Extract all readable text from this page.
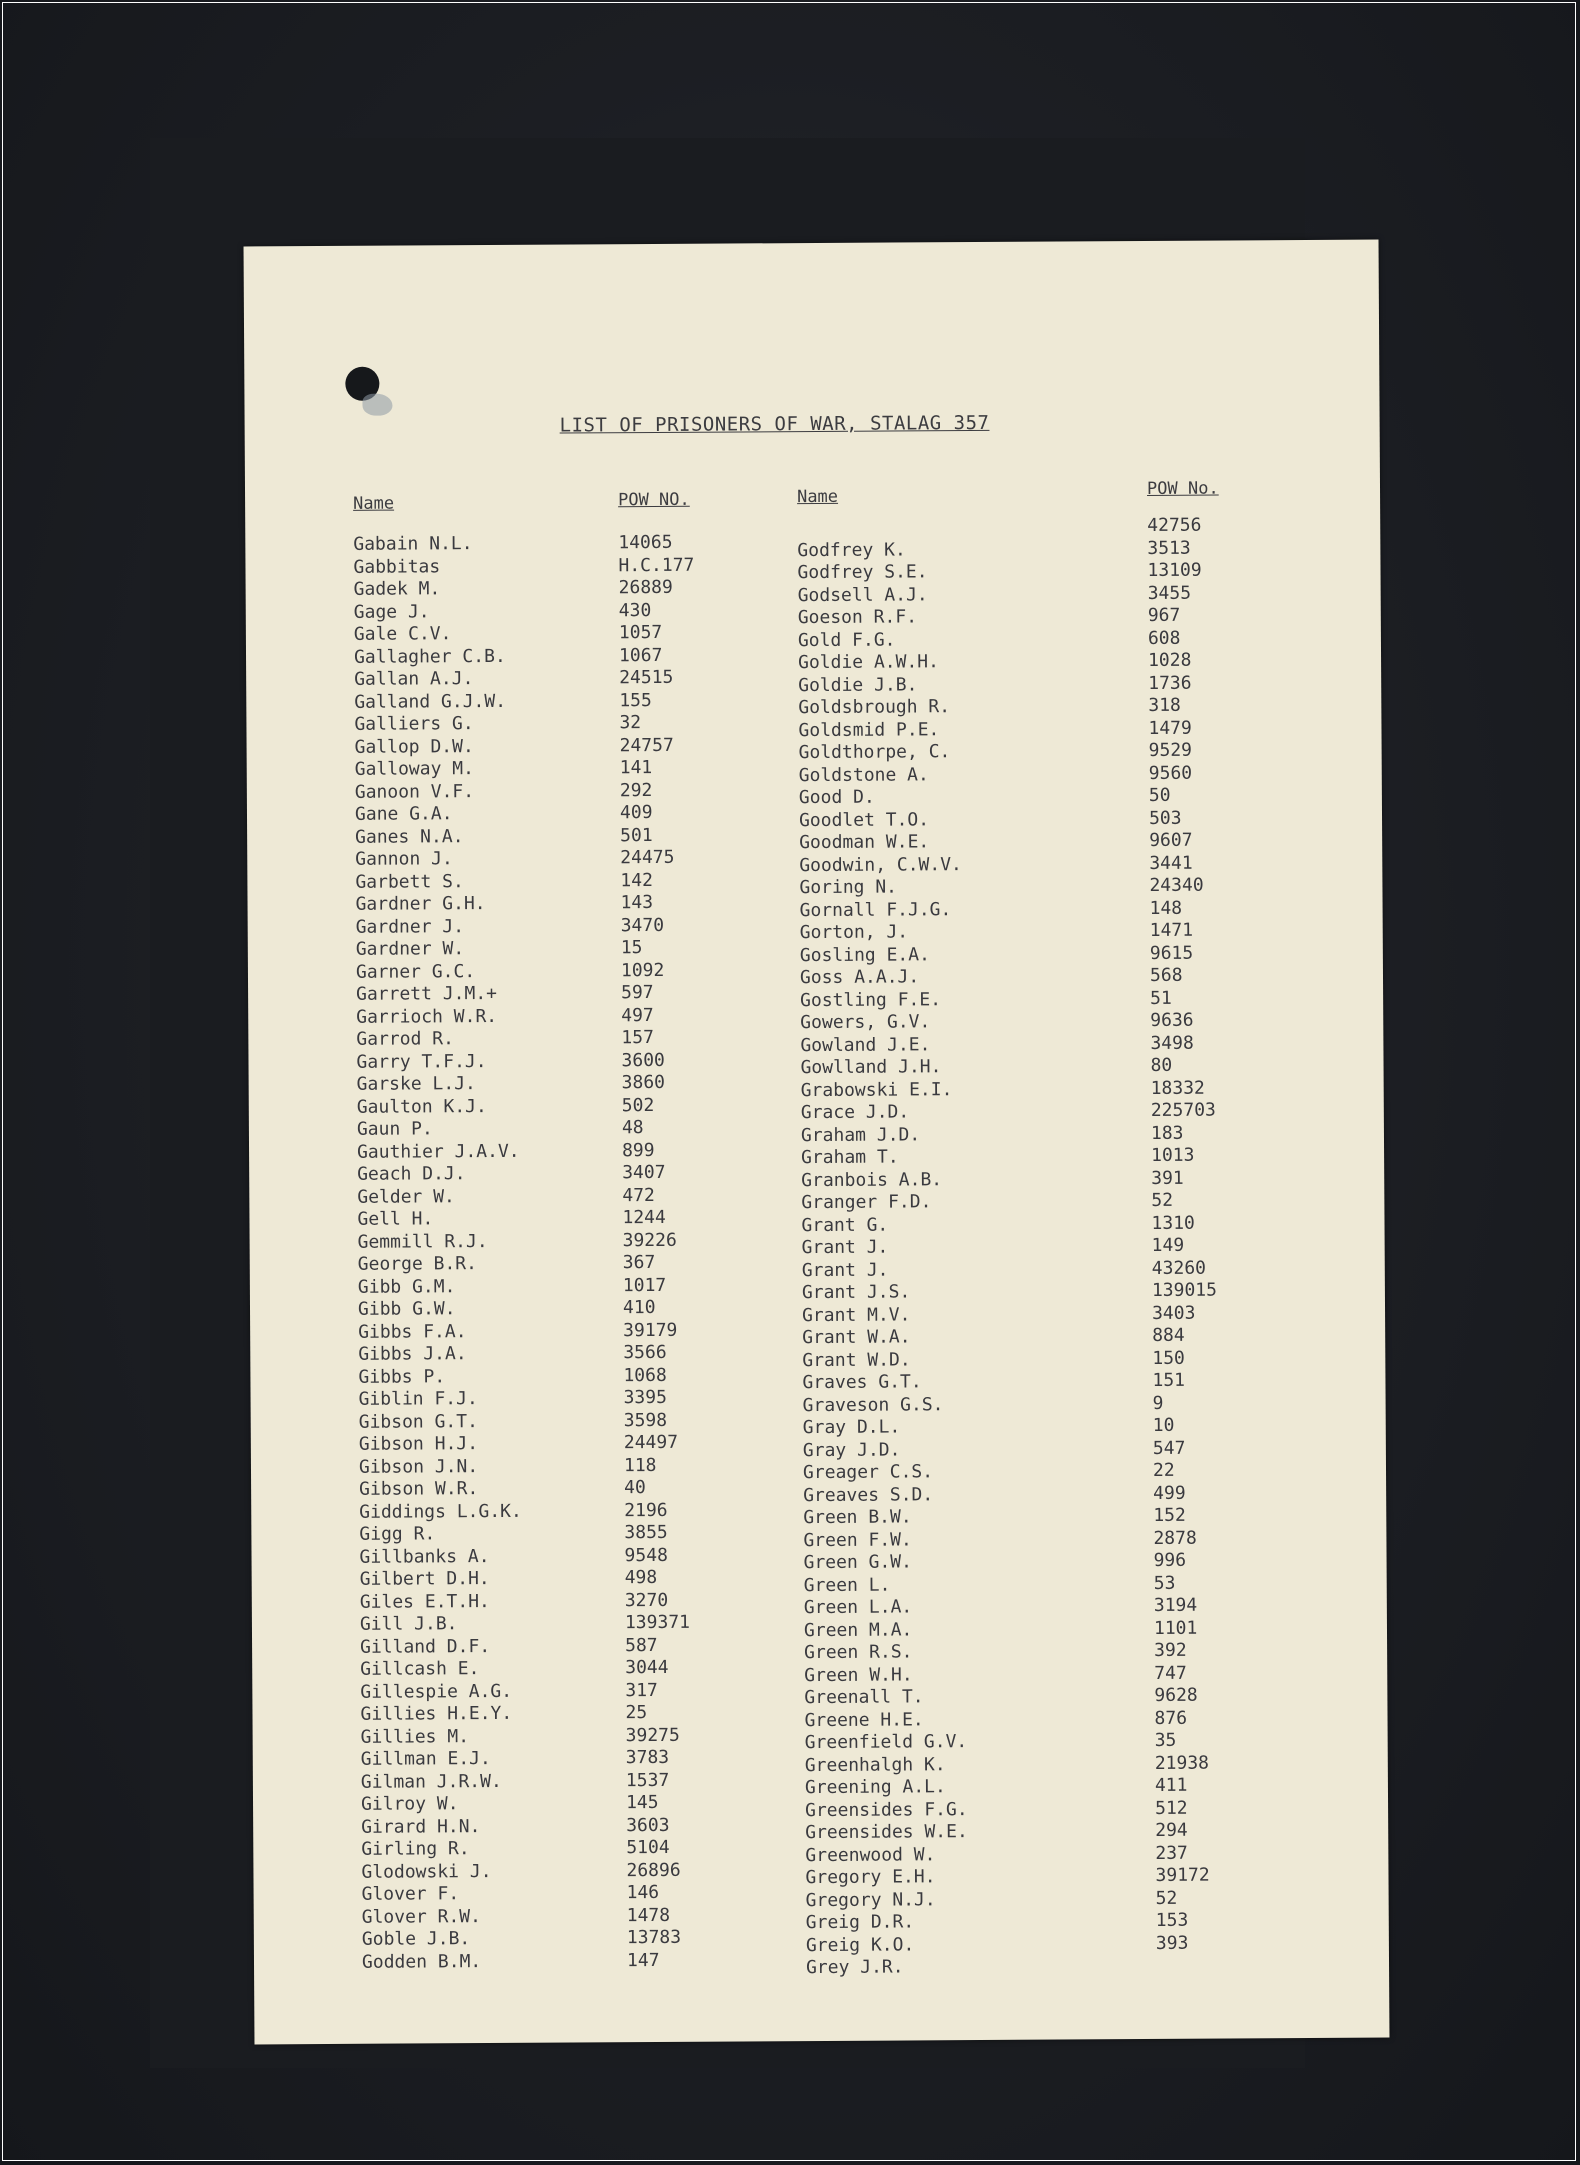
LIST OF PRISONERS OF WAR, STALAG 357
Name	POW NO.	Name	POW No.
Gabain N.L.	14065
Gabbitas	H.C.177
Gadek M.	26889
Gage J.	430
Gale C.V.	1057
Gallagher C.B.	1067
Gallan A.J.	24515
Galland G.J.W.	155
Galliers G.	32
Gallop D.W.	24757
Galloway M.	141
Ganoon V.F.	292
Gane G.A.	409
Ganes N.A.	501
Gannon J.	24475
Garbett S.	142
Gardner G.H.	143
Gardner J.	3470
Gardner W.	15
Garner G.C.	1092
Garrett J.M.+	597
Garrioch W.R.	497
Garrod R.	157
Garry T.F.J.	3600
Garske L.J.	3860
Gaulton K.J.	502
Gaun P.	48
Gauthier J.A.V.	899
Geach D.J.	3407
Gelder W.	472
Gell H.	1244
Gemmill R.J.	39226
George B.R.	367
Gibb G.M.	1017
Gibb G.W.	410
Gibbs F.A.	39179
Gibbs J.A.	3566
Gibbs P.	1068
Giblin F.J.	3395
Gibson G.T.	3598
Gibson H.J.	24497
Gibson J.N.	118
Gibson W.R.	40
Giddings L.G.K.	2196
Gigg R.	3855
Gillbanks A.	9548
Gilbert D.H.	498
Giles E.T.H.	3270
Gill J.B.	139371
Gilland D.F.	587
Gillcash E.	3044
Gillespie A.G.	317
Gillies H.E.Y.	25
Gillies M.	39275
Gillman E.J.	3783
Gilman J.R.W.	1537
Gilroy W.	145
Girard H.N.	3603
Girling R.	5104
Glodowski J.	26896
Glover F.	146
Glover R.W.	1478
Goble J.B.	13783
Godden B.M.	147
42756
Godfrey K.	3513
Godfrey S.E.	13109
Godsell A.J.	3455
Goeson R.F.	967
Gold F.G.	608
Goldie A.W.H.	1028
Goldie J.B.	1736
Goldsbrough R.	318
Goldsmid P.E.	1479
Goldthorpe, C.	9529
Goldstone A.	9560
Good D.	50
Goodlet T.O.	503
Goodman W.E.	9607
Goodwin, C.W.V.	3441
Goring N.	24340
Gornall F.J.G.	148
Gorton, J.	1471
Gosling E.A.	9615
Goss A.A.J.	568
Gostling F.E.	51
Gowers, G.V.	9636
Gowland J.E.	3498
Gowlland J.H.	80
Grabowski E.I.	18332
Grace J.D.	225703
Graham J.D.	183
Graham T.	1013
Granbois A.B.	391
Granger F.D.	52
Grant G.	1310
Grant J.	149
Grant J.	43260
Grant J.S.	139015
Grant M.V.	3403
Grant W.A.	884
Grant W.D.	150
Graves G.T.	151
Graveson G.S.	9
Gray D.L.	10
Gray J.D.	547
Greager C.S.	22
Greaves S.D.	499
Green B.W.	152
Green F.W.	2878
Green G.W.	996
Green L.	53
Green L.A.	3194
Green M.A.	1101
Green R.S.	392
Green W.H.	747
Greenall T.	9628
Greene H.E.	876
Greenfield G.V.	35
Greenhalgh K.	21938
Greening A.L.	411
Greensides F.G.	512
Greensides W.E.	294
Greenwood W.	237
Gregory E.H.	39172
Gregory N.J.	52
Greig D.R.	153
Greig K.O.	393
Grey J.R.
